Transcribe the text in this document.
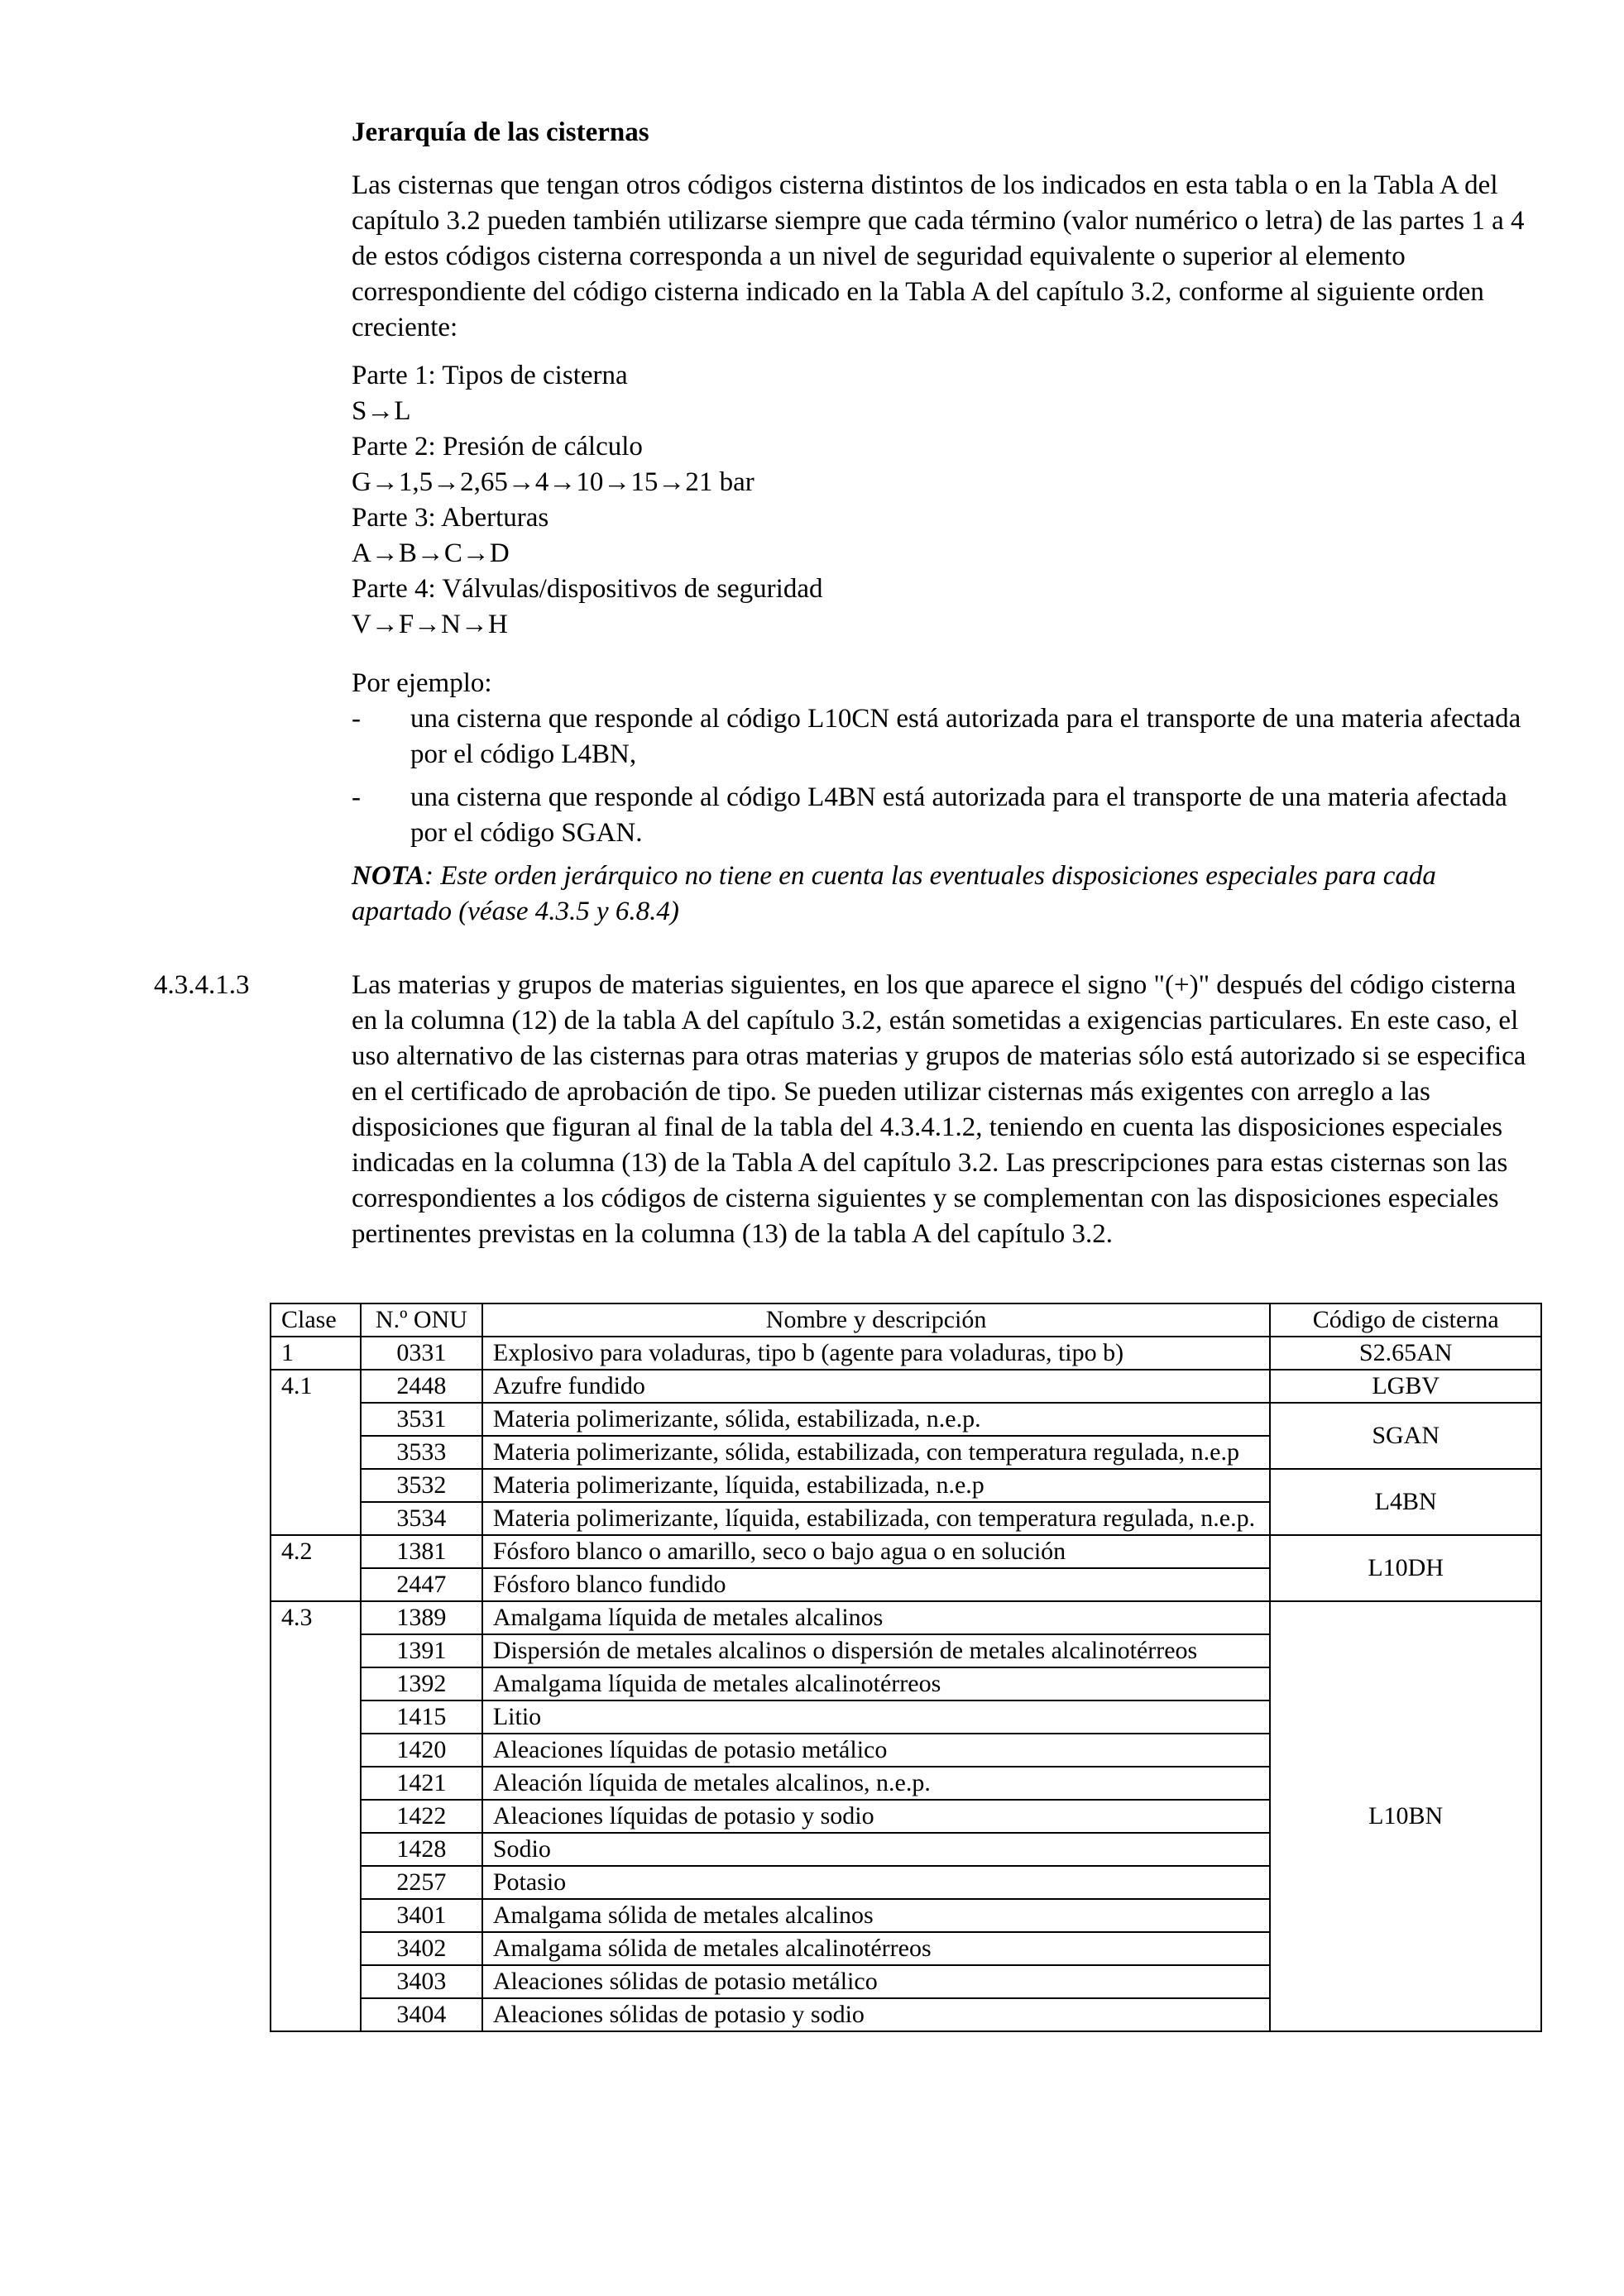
Jerarquía de las cisternas

Las cisternas que tengan otros códigos cisterna distintos de los indicados en esta tabla o en la Tabla A del capítulo 3.2 pueden también utilizarse siempre que cada término (valor numérico o letra) de las partes 1 a 4 de estos códigos cisterna corresponda a un nivel de seguridad equivalente o superior al elemento correspondiente del código cisterna indicado en la Tabla A del capítulo 3.2, conforme al siguiente orden creciente:

Parte 1: Tipos de cisterna

S→L

Parte 2: Presión de cálculo

G→1,5→2,65→4→10→15→21 bar

Parte 3: Aberturas

A→B→C→D

Parte 4: Válvulas/dispositivos de seguridad

V→F→N→H

Por ejemplo:

- una cisterna que responde al código L10CN está autorizada para el transporte de una materia afectada por el código L4BN,
- una cisterna que responde al código L4BN está autorizada para el transporte de una materia afectada por el código SGAN.

NOTA: Este orden jerárquico no tiene en cuenta las eventuales disposiciones especiales para cada apartado (véase 4.3.5 y 6.8.4)

4.3.4.1.3	Las materias y grupos de materias siguientes, en los que aparece el signo "(+)" después del código cisterna en la columna (12) de la tabla A del capítulo 3.2, están sometidas a exigencias particulares. En este caso, el uso alternativo de las cisternas para otras materias y grupos de materias sólo está autorizado si se especifica en el certificado de aprobación de tipo. Se pueden utilizar cisternas más exigentes con arreglo a las disposiciones que figuran al final de la tabla del 4.3.4.1.2, teniendo en cuenta las disposiciones especiales indicadas en la columna (13) de la Tabla A del capítulo 3.2. Las prescripciones para estas cisternas son las correspondientes a los códigos de cisterna siguientes y se complementan con las disposiciones especiales pertinentes previstas en la columna (13) de la tabla A del capítulo 3.2.

Clase	N.º ONU	Nombre y descripción	Código de cisterna
1	0331	Explosivo para voladuras, tipo b (agente para voladuras, tipo b)	S2.65AN
4.1	2448	Azufre fundido	LGBV
	3531	Materia polimerizante, sólida, estabilizada, n.e.p.	SGAN
	3533	Materia polimerizante, sólida, estabilizada, con temperatura regulada, n.e.p	
	3532	Materia polimerizante, líquida, estabilizada, n.e.p	L4BN
	3534	Materia polimerizante, líquida, estabilizada, con temperatura regulada, n.e.p.	
4.2	1381	Fósforo blanco o amarillo, seco o bajo agua o en solución	L10DH
	2447	Fósforo blanco fundido	
4.3	1389	Amalgama líquida de metales alcalinos	L10BN
	1391	Dispersión de metales alcalinos o dispersión de metales alcalinotérreos	
	1392	Amalgama líquida de metales alcalinotérreos	
	1415	Litio	
	1420	Aleaciones líquidas de potasio metálico	
	1421	Aleación líquida de metales alcalinos, n.e.p.	
	1422	Aleaciones líquidas de potasio y sodio	
	1428	Sodio	
	2257	Potasio	
	3401	Amalgama sólida de metales alcalinos	
	3402	Amalgama sólida de metales alcalinotérreos	
	3403	Aleaciones sólidas de potasio metálico	
	3404	Aleaciones sólidas de potasio y sodio	
